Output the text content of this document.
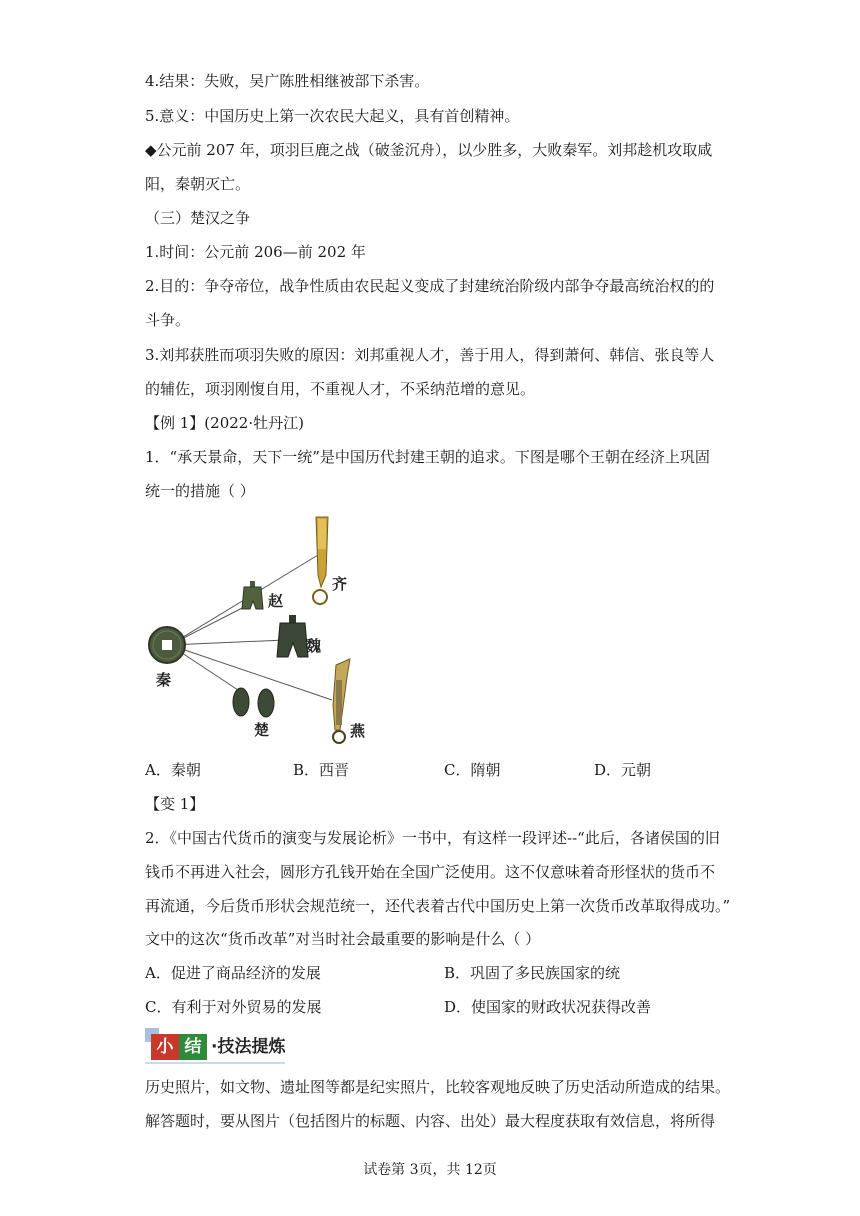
4.结果：失败，吴广陈胜相继被部下杀害。
5.意义：中国历史上第一次农民大起义，具有首创精神。
◆公元前 207 年，项羽巨鹿之战（破釜沉舟），以少胜多，大败秦军。刘邦趁机攻取咸
阳，秦朝灭亡。
（三）楚汉之争
1.时间：公元前 206—前 202 年
2.目的：争夺帝位，战争性质由农民起义变成了封建统治阶级内部争夺最高统治权的的
斗争。
3.刘邦获胜而项羽失败的原因：刘邦重视人才，善于用人，得到萧何、韩信、张良等人
的辅佐，项羽刚愎自用，不重视人才，不采纳范增的意见。
【例 1】(2022·牡丹江)
1．“承天景命，天下一统”是中国历代封建王朝的追求。下图是哪个王朝在经济上巩固
统一的措施（ ）
齐
赵
魏
秦
楚	燕
A．秦朝	B．西晋	C．隋朝	D．元朝
【变 1】
2．《中国古代货币的演变与发展论析》一书中，有这样一段评述--“此后，各诸侯国的旧
钱币不再进入社会，圆形方孔钱开始在全国广泛使用。这不仅意味着奇形怪状的货币不
再流通，今后货币形状会规范统一，还代表着古代中国历史上第一次货币改革取得成功。”
文中的这次“货币改革”对当时社会最重要的影响是什么（ ）
A．促进了商品经济的发展	B．巩固了多民族国家的统
C．有利于对外贸易的发展	D．使国家的财政状况获得改善
小 结 ·技法提炼
历史照片，如文物、遗址图等都是纪实照片，比较客观地反映了历史活动所造成的结果。
解答题时，要从图片（包括图片的标题、内容、出处）最大程度获取有效信息，将所得
试卷第 3页，共 12页
